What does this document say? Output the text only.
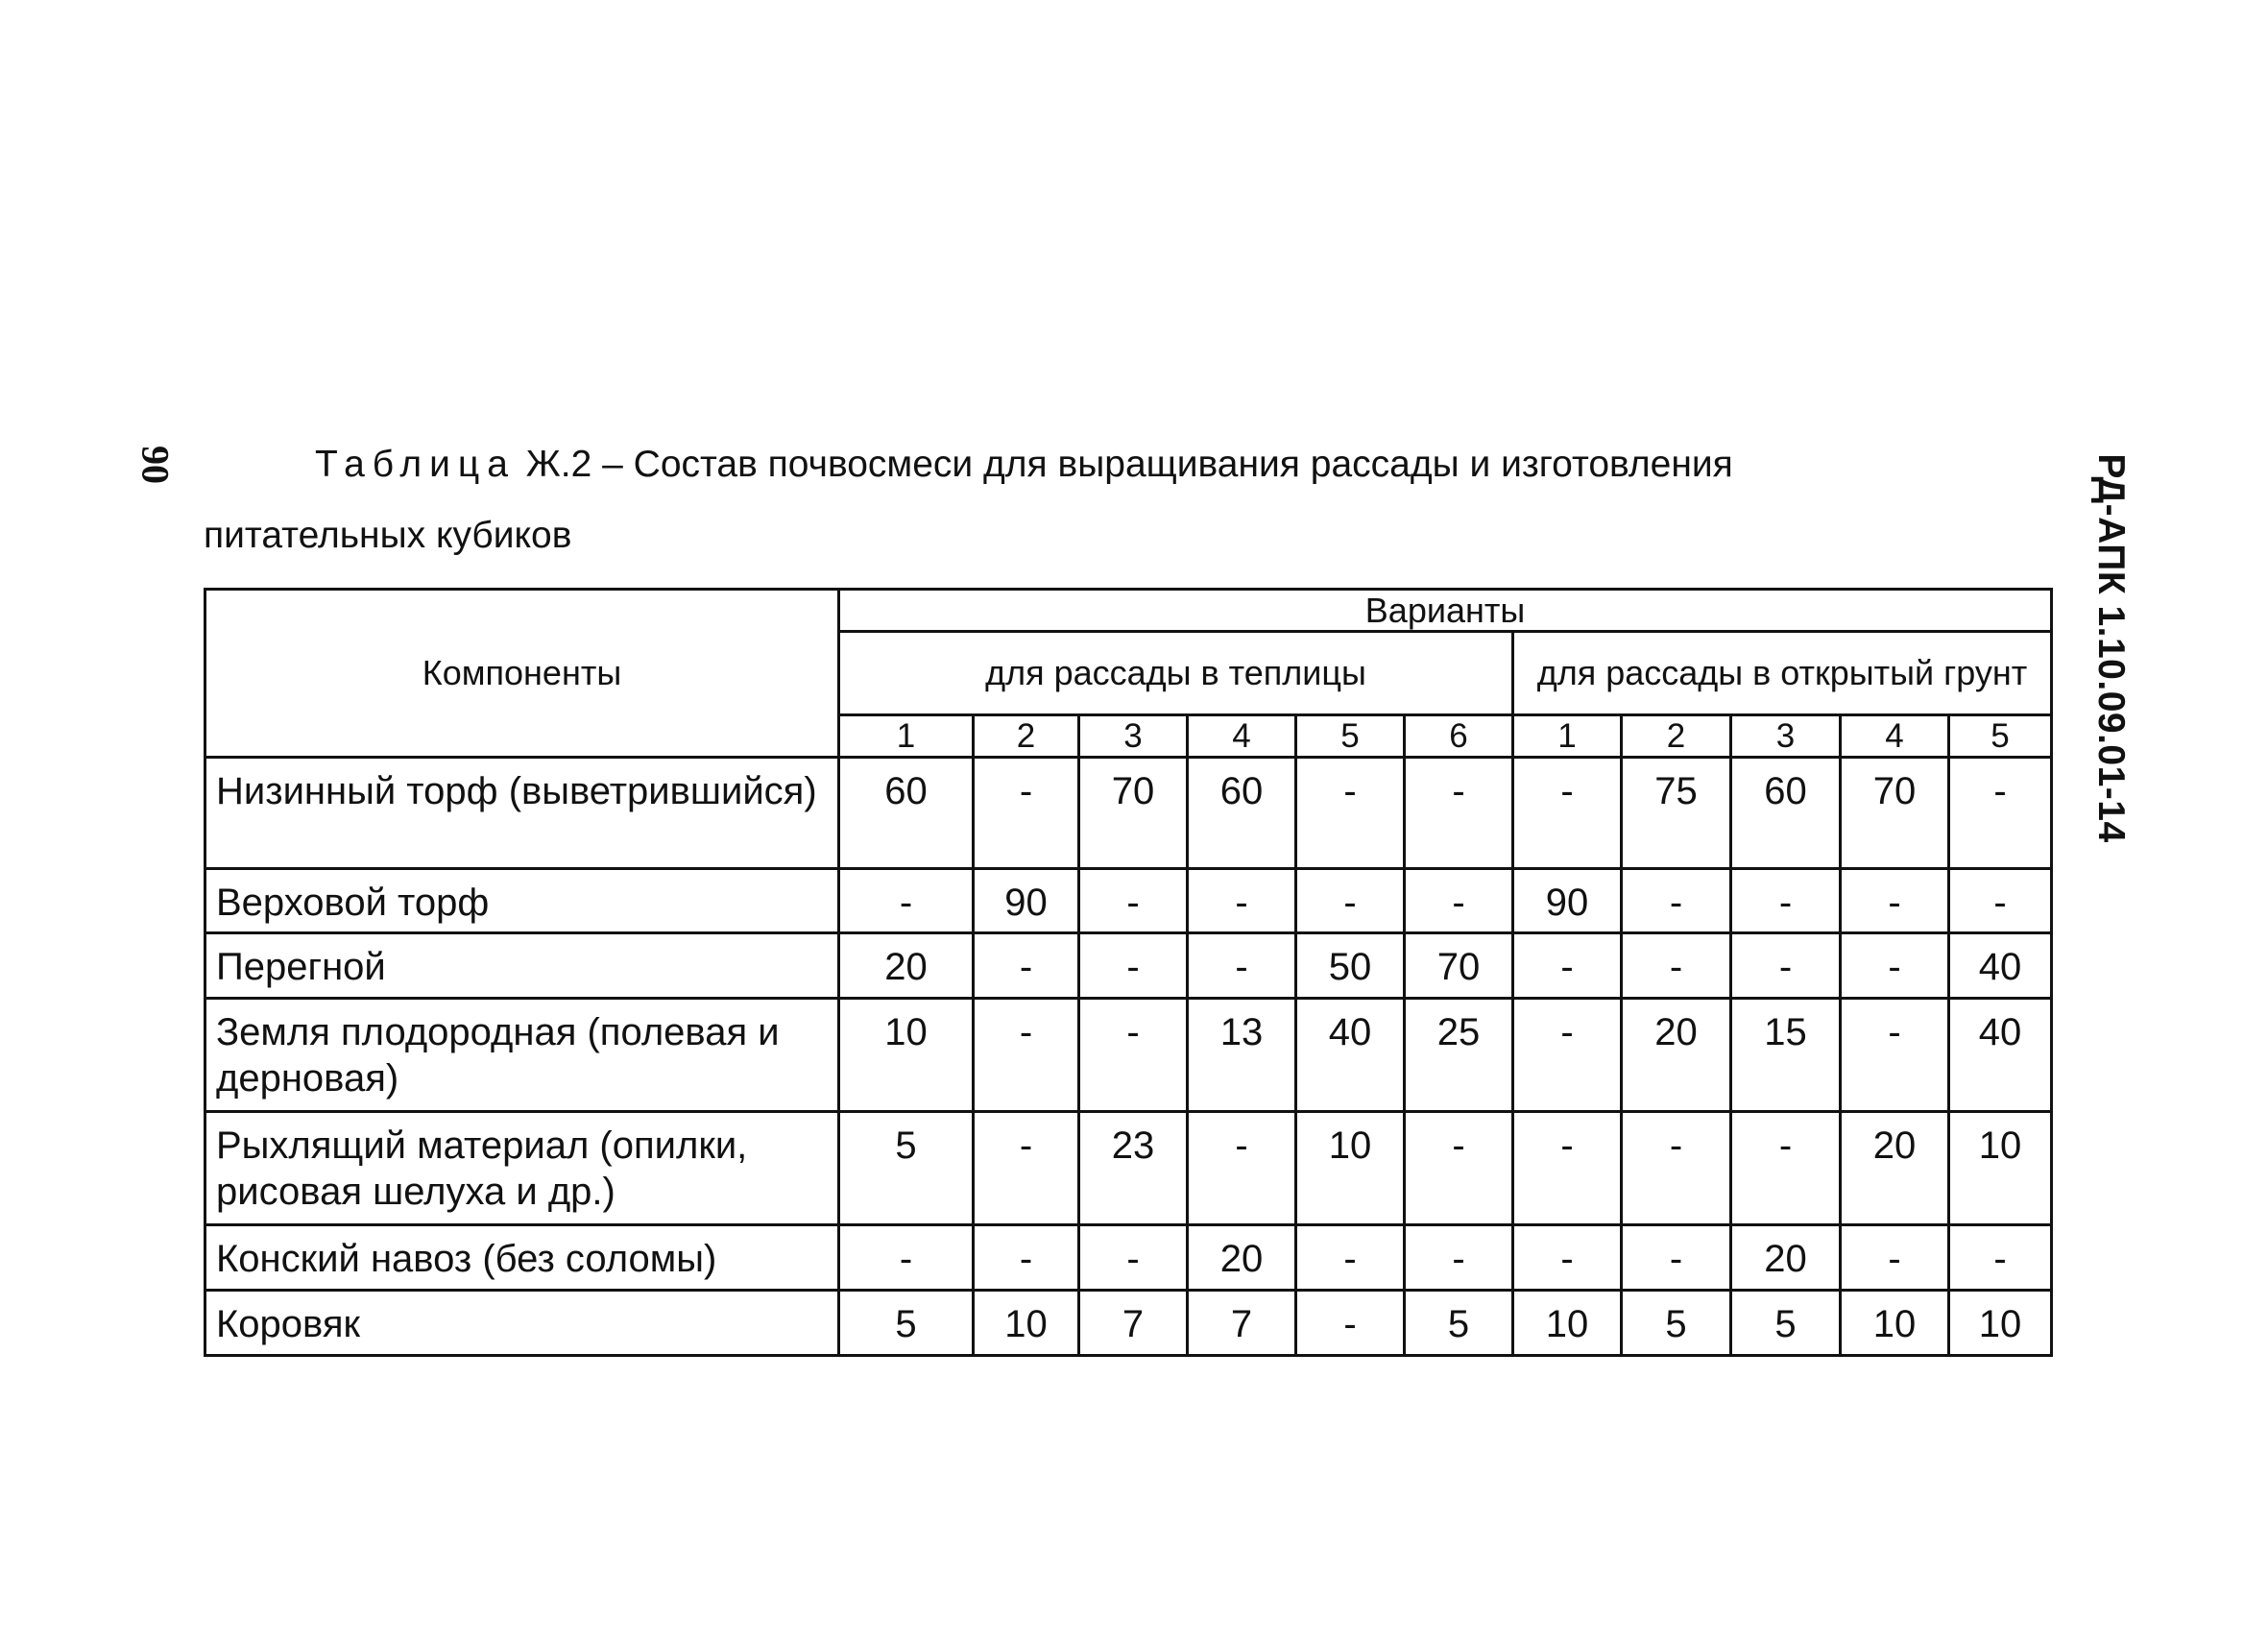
90	РД-АПК 1.10.09.01-14
Таблица Ж.2 – Состав почвосмеси для выращивания рассады и изготовления
питательных кубиков
Компоненты	Варианты										
	для рассады в теплицы						для рассады в открытый грунт				
	1	2	3	4	5	6	1	2	3	4	5
Низинный торф (выветрившийся)	60	-	70	60	-	-	-	75	60	70	-
Верховой торф	-	90	-	-	-	-	90	-	-	-	-
Перегной	20	-	-	-	50	70	-	-	-	-	40
Земля плодородная (полевая и дерновая)	10	-	-	13	40	25	-	20	15	-	40
Рыхлящий материал (опилки, рисовая шелуха и др.)	5	-	23	-	10	-	-	-	-	20	10
Конский навоз (без соломы)	-	-	-	20	-	-	-	-	20	-	-
Коровяк	5	10	7	7	-	5	10	5	5	10	10
